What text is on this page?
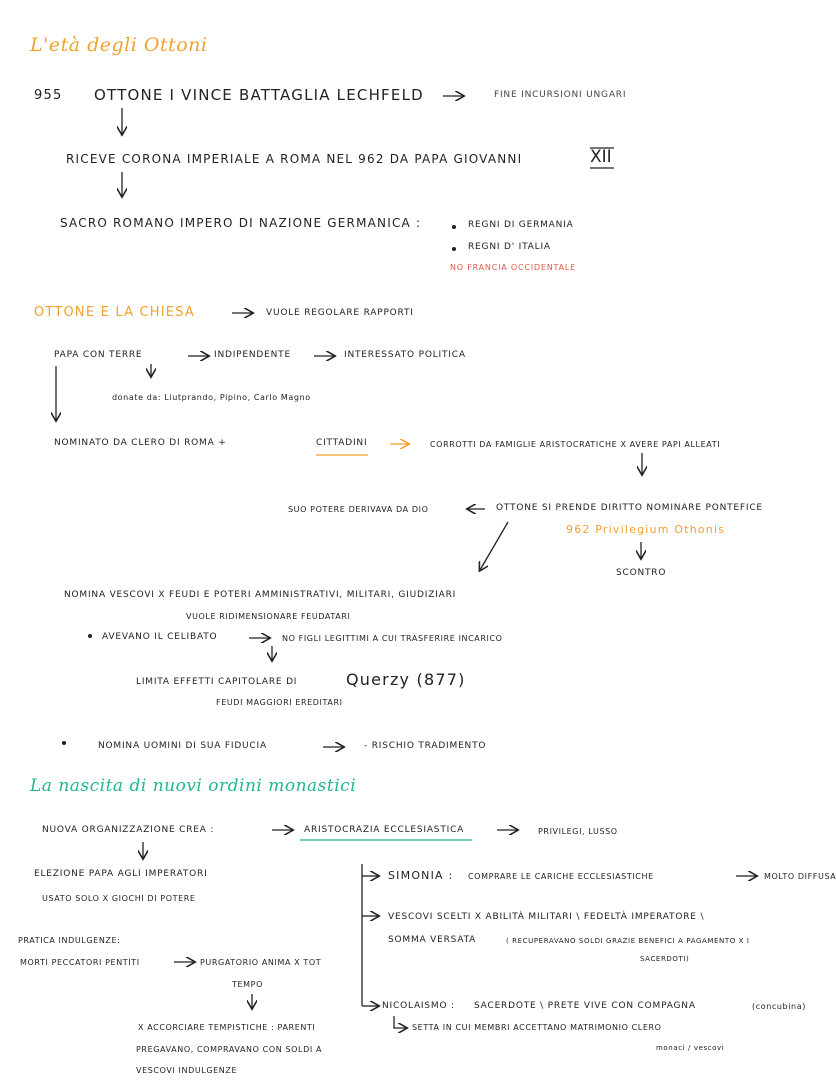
L'età degli Ottoni
955 OTTONE I VINCE BATTAGLIA LECHFELD	FINE INCURSIONI UNGARI
RICEVE CORONA IMPERIALE A ROMA NEL 962 DA PAPA GIOVANNI	XII
SACRO ROMANO IMPERO DI NAZIONE GERMANICA :	REGNI DI GERMANIA
REGNI D' ITALIA
NO FRANCIA OCCIDENTALE
OTTONE E LA CHIESA	VUOLE REGOLARE RAPPORTI
PAPA CON TERRE	INDIPENDENTE	INTERESSATO POLITICA
donate da: Liutprando, Pipino, Carlo Magno
NOMINATO DA CLERO DI ROMA +	CITTADINI	CORROTTI DA FAMIGLIE ARISTOCRATICHE X AVERE PAPI ALLEATI
SUO POTERE DERIVAVA DA DIO	OTTONE SI PRENDE DIRITTO NOMINARE PONTEFICE
962 Privilegium Othonis
SCONTRO
NOMINA VESCOVI X FEUDI E POTERI AMMINISTRATIVI, MILITARI, GIUDIZIARI
VUOLE RIDIMENSIONARE FEUDATARI
AVEVANO IL CELIBATO	NO FIGLI LEGITTIMI A CUI TRASFERIRE INCARICO
LIMITA EFFETTI CAPITOLARE DI	Querzy (877)
FEUDI MAGGIORI EREDITARI
NOMINA UOMINI DI SUA FIDUCIA	- RISCHIO TRADIMENTO
La nascita di nuovi ordini monastici
NUOVA ORGANIZZAZIONE CREA :	ARISTOCRAZIA ECCLESIASTICA	PRIVILEGI, LUSSO
ELEZIONE PAPA AGLI IMPERATORI
USATO SOLO X GIOCHI DI POTERE
SIMONIA : COMPRARE LE CARICHE ECCLESIASTICHE	MOLTO DIFFUSA
VESCOVI SCELTI X ABILITÀ MILITARI \ FEDELTÀ IMPERATORE \
SOMMA VERSATA	( RECUPERAVANO SOLDI GRAZIE BENEFICI A PAGAMENTO X I
SACERDOTI)
PRATICA INDULGENZE:
MORTI PECCATORI PENTITI	PURGATORIO ANIMA X TOT
TEMPO
NICOLAISMO : SACERDOTE \ PRETE VIVE CON COMPAGNA	(concubina)
SETTA IN CUI MEMBRI ACCETTANO MATRIMONIO CLERO
monaci / vescovi
X ACCORCIARE TEMPISTICHE : PARENTI
PREGAVANO, COMPRAVANO CON SOLDI A
VESCOVI INDULGENZE
